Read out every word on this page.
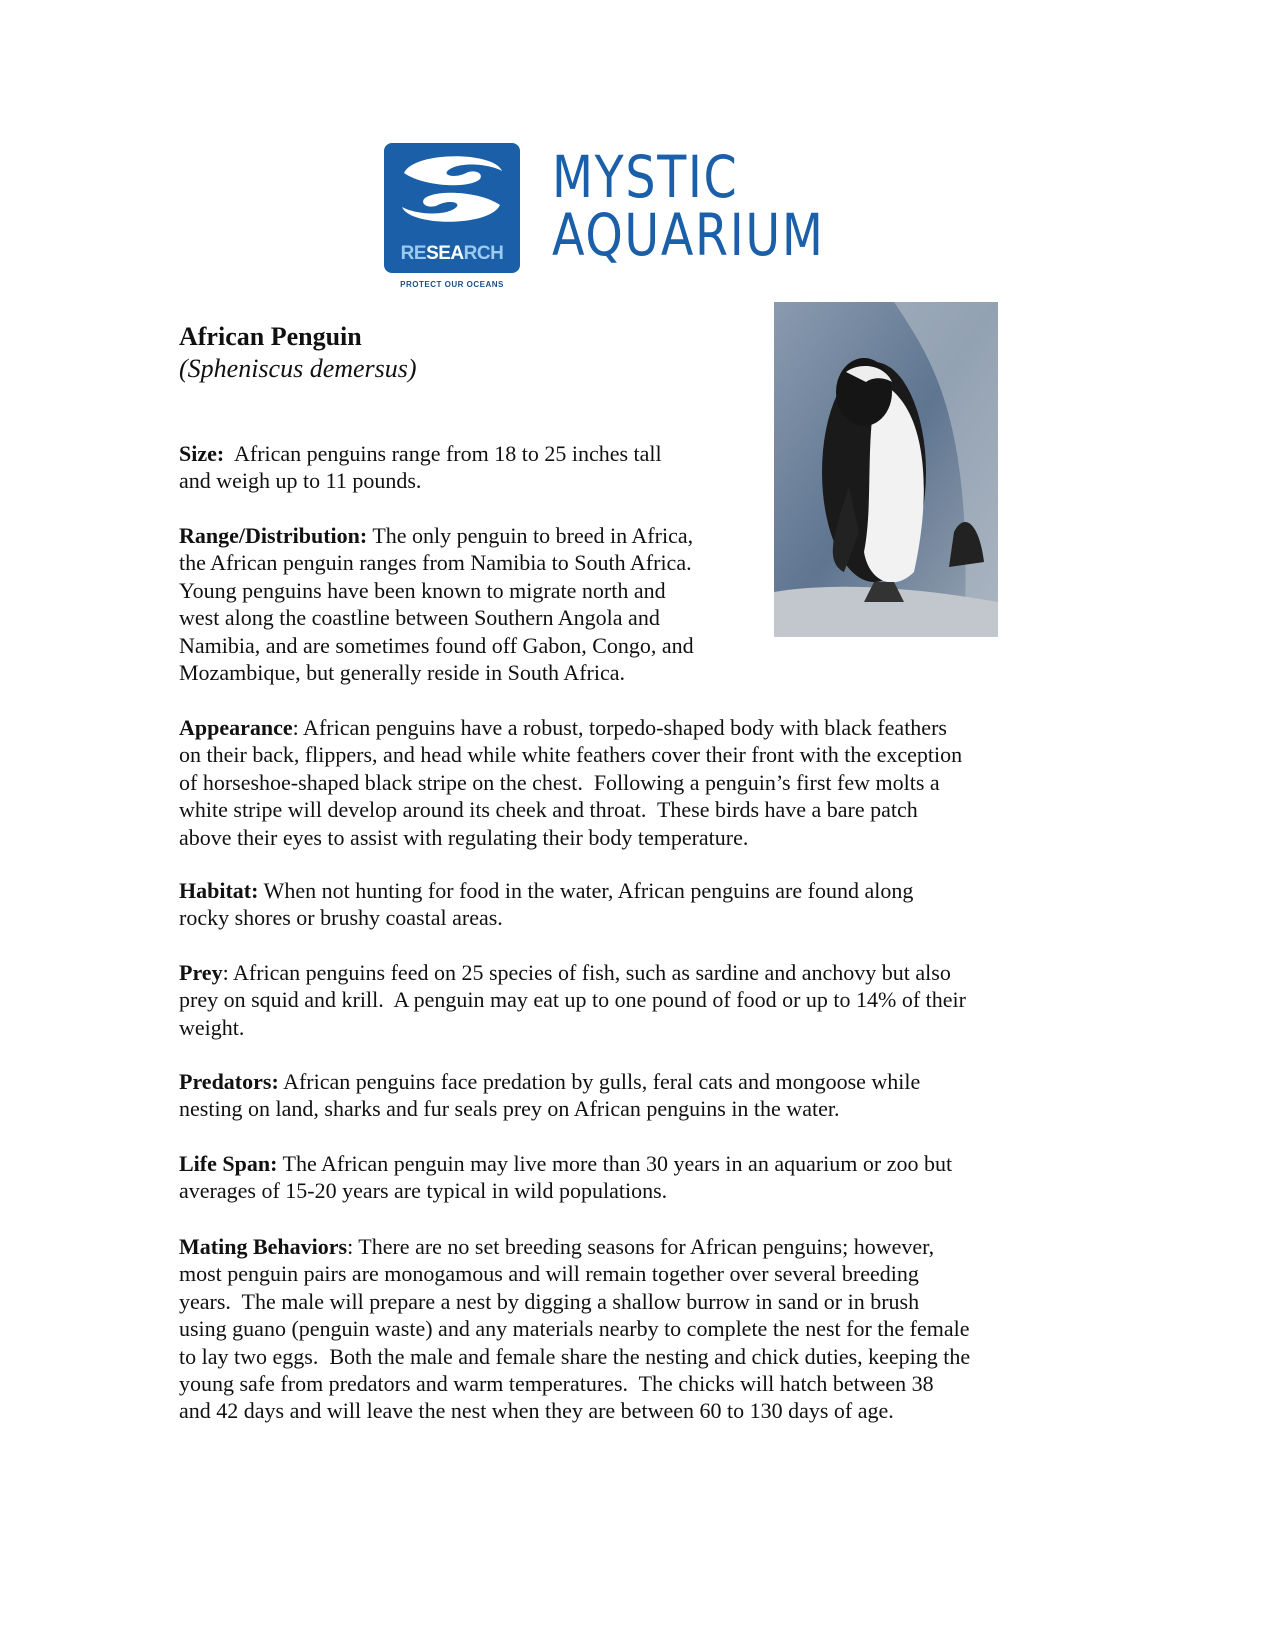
RESEARCH
PROTECT OUR OCEANS
MYSTIC
AQUARIUM
African Penguin
(Spheniscus demersus)
Size:  African penguins range from 18 to 25 inches tall
and weigh up to 11 pounds.
Range/Distribution: The only penguin to breed in Africa,
the African penguin ranges from Namibia to South Africa.
Young penguins have been known to migrate north and
west along the coastline between Southern Angola and
Namibia, and are sometimes found off Gabon, Congo, and
Mozambique, but generally reside in South Africa.
Appearance: African penguins have a robust, torpedo-shaped body with black feathers
on their back, flippers, and head while white feathers cover their front with the exception
of horseshoe-shaped black stripe on the chest.  Following a penguin’s first few molts a
white stripe will develop around its cheek and throat.  These birds have a bare patch
above their eyes to assist with regulating their body temperature.
Habitat: When not hunting for food in the water, African penguins are found along
rocky shores or brushy coastal areas.
Prey: African penguins feed on 25 species of fish, such as sardine and anchovy but also
prey on squid and krill.  A penguin may eat up to one pound of food or up to 14% of their
weight.
Predators: African penguins face predation by gulls, feral cats and mongoose while
nesting on land, sharks and fur seals prey on African penguins in the water.
Life Span: The African penguin may live more than 30 years in an aquarium or zoo but
averages of 15-20 years are typical in wild populations.
Mating Behaviors: There are no set breeding seasons for African penguins; however,
most penguin pairs are monogamous and will remain together over several breeding
years.  The male will prepare a nest by digging a shallow burrow in sand or in brush
using guano (penguin waste) and any materials nearby to complete the nest for the female
to lay two eggs.  Both the male and female share the nesting and chick duties, keeping the
young safe from predators and warm temperatures.  The chicks will hatch between 38
and 42 days and will leave the nest when they are between 60 to 130 days of age.
